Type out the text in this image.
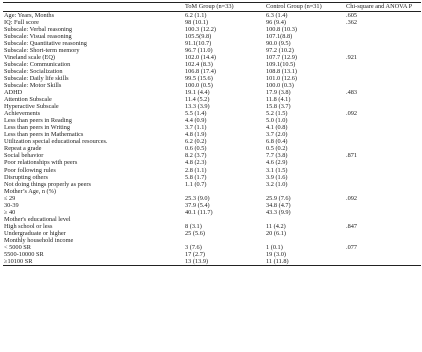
	ToM Group (n=33)	Control Group (n=31)	Chi-square and ANOVA P
Age: Years, Months	6.2 (1.1)	6.3 (1.4)	.605
IQ: Full score	98 (10.1)	96 (9.4)	.362
Subscale: Verbal reasoning	100.3 (12.2)	100.8 (10.3)	
Subscale: Visual reasoning	105.5(9.8)	107.1(8.8)	
Subscale: Quantitative reasoning	91.1(10.7)	90.0 (9.5)	
Subscale: Short-term memory	96.7 (11.0)	97.2 (10.2)	
Vineland scale (EQ)	102.0 (14.4)	107.7 (12.9)	.921
Subscale: Communication	102.4 (8.3)	109.1(10.5)	
Subscale: Socialization	106.8 (17.4)	108.8 (13.1)	
Subscale: Daily life skills	99.5 (15.6)	101.0 (12.6)	
Subscale: Motor Skills	100.0 (0.5)	100.0 (0.3)	
ADHD	19.1 (4.4)	17.9 (3.8)	.483
Attention Subscale	11.4 (5.2)	11.8 (4.1)	
Hyperactive Subscale	13.3 (3.9)	15.8 (3.7)	
Achievements	5.5 (1.4)	5.2 (1.5)	.092
Less than peers in Reading	4.4 (0.9)	5.0 (1.0)	
Less than peers in Writing	3.7 (1.1)	4.1 (0.8)	
Less than peers in Mathematics	4.8 (1.9)	3.7 (2.0)	
Utilization special educational resources.	6.2 (0.2)	6.8 (0.4)	
Repeat a grade	0.6 (0.5)	0.5 (0.2)	
Social behavior	8.2 (3.7)	7.7 (3.8)	.871
Poor relationships with peers	4.8 (2.3)	4.6 (2.9)	
Poor following rules	2.8 (1.1)	3.1 (1.5)	
Disrupting others	5.8 (1.7)	3.9 (1.6)	
Not doing things properly as peers	1.1 (0.7)	3.2 (1.0)	
Mother’s Age, n (%)			
≤ 29	25.3 (9.0)	25.9 (7.6)	.092
30-39	37.9 (5.4)	34.8 (4.7)	
≥ 40	40.1 (11.7)	43.3 (9.9)	
Mother's educational level			
High school or less	8 (3.1)	11 (4.2)	.847
Undergraduate or higher	25 (5.6)	20 (6.1)	
Monthly household income			
< 5000 SR	3 (7.6)	1 (0.1)	.077
5500-10000 SR	17 (2.7)	19 (3.0)	
≥10100 SR	13 (13.9)	11 (11.8)	
